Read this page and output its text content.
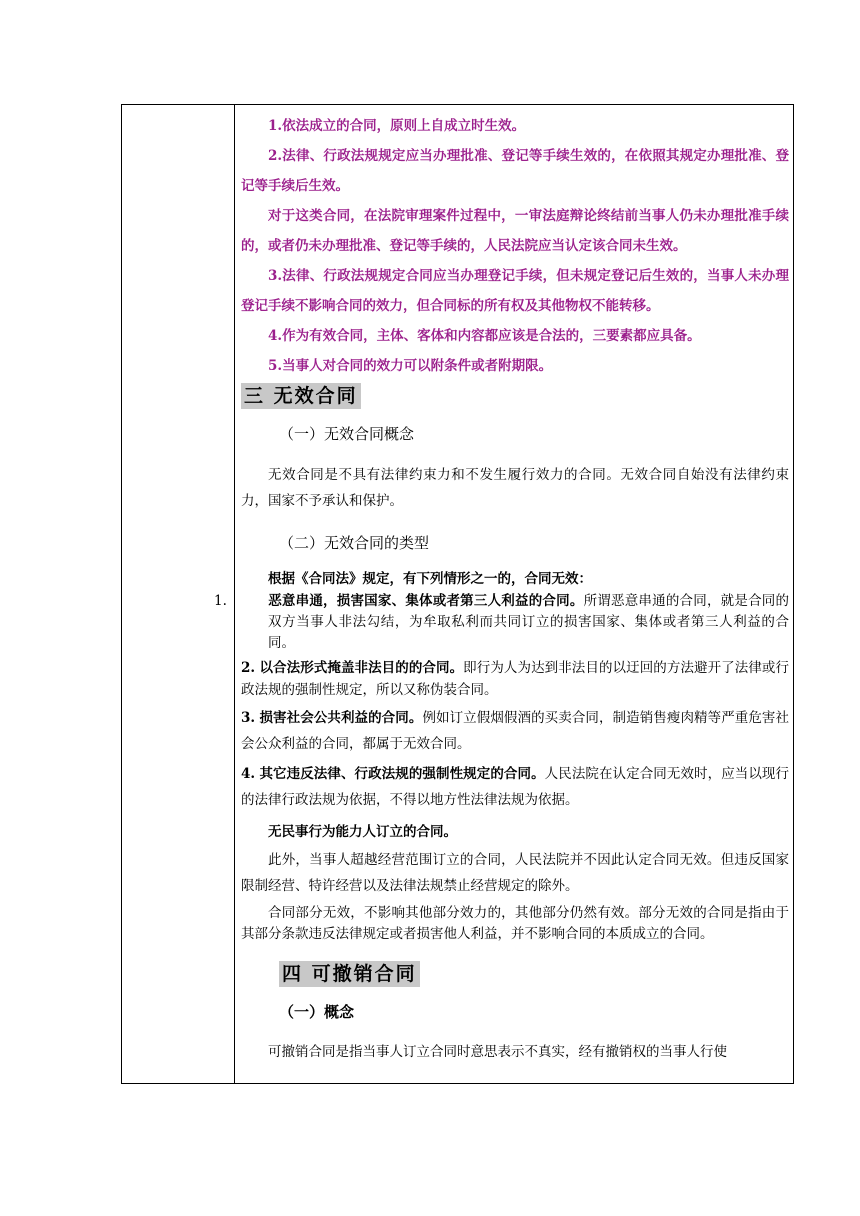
1.依法成立的合同，原则上自成立时生效。

2.法律、行政法规规定应当办理批准、登记等手续生效的，在依照其规定办理批准、登记等手续后生效。

对于这类合同，在法院审理案件过程中，一审法庭辩论终结前当事人仍未办理批准手续的，或者仍未办理批准、登记等手续的，人民法院应当认定该合同未生效。

3.法律、行政法规规定合同应当办理登记手续，但未规定登记后生效的，当事人未办理登记手续不影响合同的效力，但合同标的所有权及其他物权不能转移。

4.作为有效合同，主体、客体和内容都应该是合法的，三要素都应具备。

5.当事人对合同的效力可以附条件或者附期限。

三 无效合同

（一）无效合同概念

无效合同是不具有法律约束力和不发生履行效力的合同。无效合同自始没有法律约束力，国家不予承认和保护。

（二）无效合同的类型

根据《合同法》规定，有下列情形之一的，合同无效：

1.	恶意串通，损害国家、集体或者第三人利益的合同。所谓恶意串通的合同，就是合同的双方当事人非法勾结，为牟取私利而共同订立的损害国家、集体或者第三人利益的合同。

2. 以合法形式掩盖非法目的的合同。即行为人为达到非法目的以迂回的方法避开了法律或行政法规的强制性规定，所以又称伪装合同。

3. 损害社会公共利益的合同。例如订立假烟假酒的买卖合同，制造销售瘦肉精等严重危害社会公众利益的合同，都属于无效合同。

4. 其它违反法律、行政法规的强制性规定的合同。人民法院在认定合同无效时，应当以现行的法律行政法规为依据，不得以地方性法律法规为依据。

无民事行为能力人订立的合同。

此外，当事人超越经营范围订立的合同，人民法院并不因此认定合同无效。但违反国家限制经营、特许经营以及法律法规禁止经营规定的除外。

合同部分无效，不影响其他部分效力的，其他部分仍然有效。部分无效的合同是指由于其部分条款违反法律规定或者损害他人利益，并不影响合同的本质成立的合同。

四 可撤销合同

（一）概念

可撤销合同是指当事人订立合同时意思表示不真实，经有撤销权的当事人行使
